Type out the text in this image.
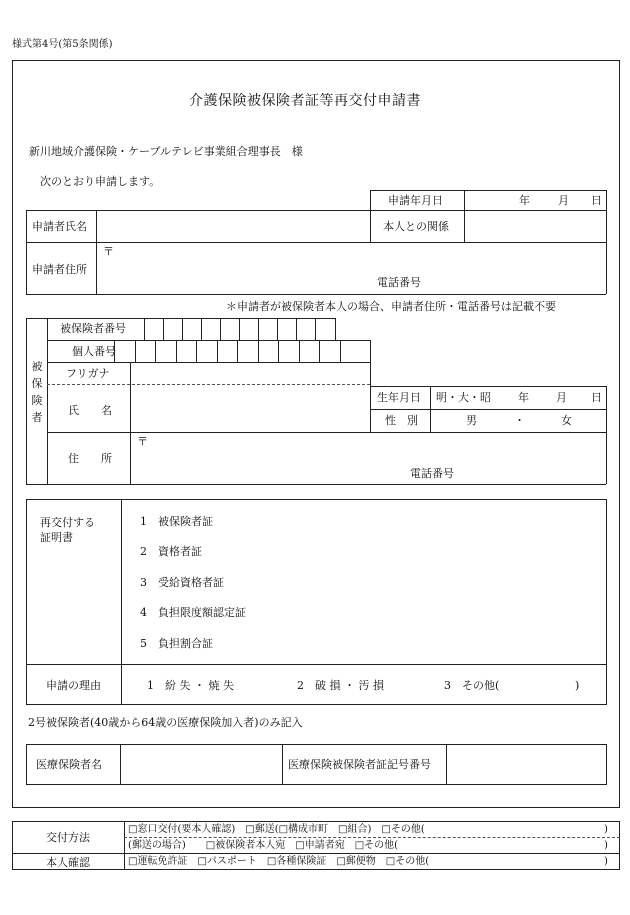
様式第4号(第5条関係)
介護保険被保険者証等再交付申請書
新川地域介護保険・ケーブルテレビ事業組合理事長　様
次のとおり申請します。
申請年月日	年	月 日
申請者氏名	本人との関係
申請者住所
〒
電話番号
＊申請者が被保険者本人の場合、申請者住所・電話番号は記載不要
被
保
険
者
被保険者番号
個人番号
フリガナ
氏　　名
生年月日 明・大・昭 年 月 日
性　別	男	・	女
住　　所
〒
電話番号
再交付する
証明書
1　被保険者証
2　資格者証
3　受給資格者証
4　負担限度額認定証
5　負担割合証
申請の理由	1　紛 失 ・ 焼 失	2　破 損 ・ 汚 損	3　その他(	)
2号被保険者(40歳から64歳の医療保険加入者)のみ記入
医療保険者名	医療保険被保険者証記号番号
交付方法
□窓口交付(要本人確認)　□郵送(□構成市町　□組合)　□その他(	)
(郵送の場合)　　□被保険者本人宛　□申請者宛　□その他(	)
本人確認	□運転免許証　□パスポート　□各種保険証　□郵便物　□その他(	)
